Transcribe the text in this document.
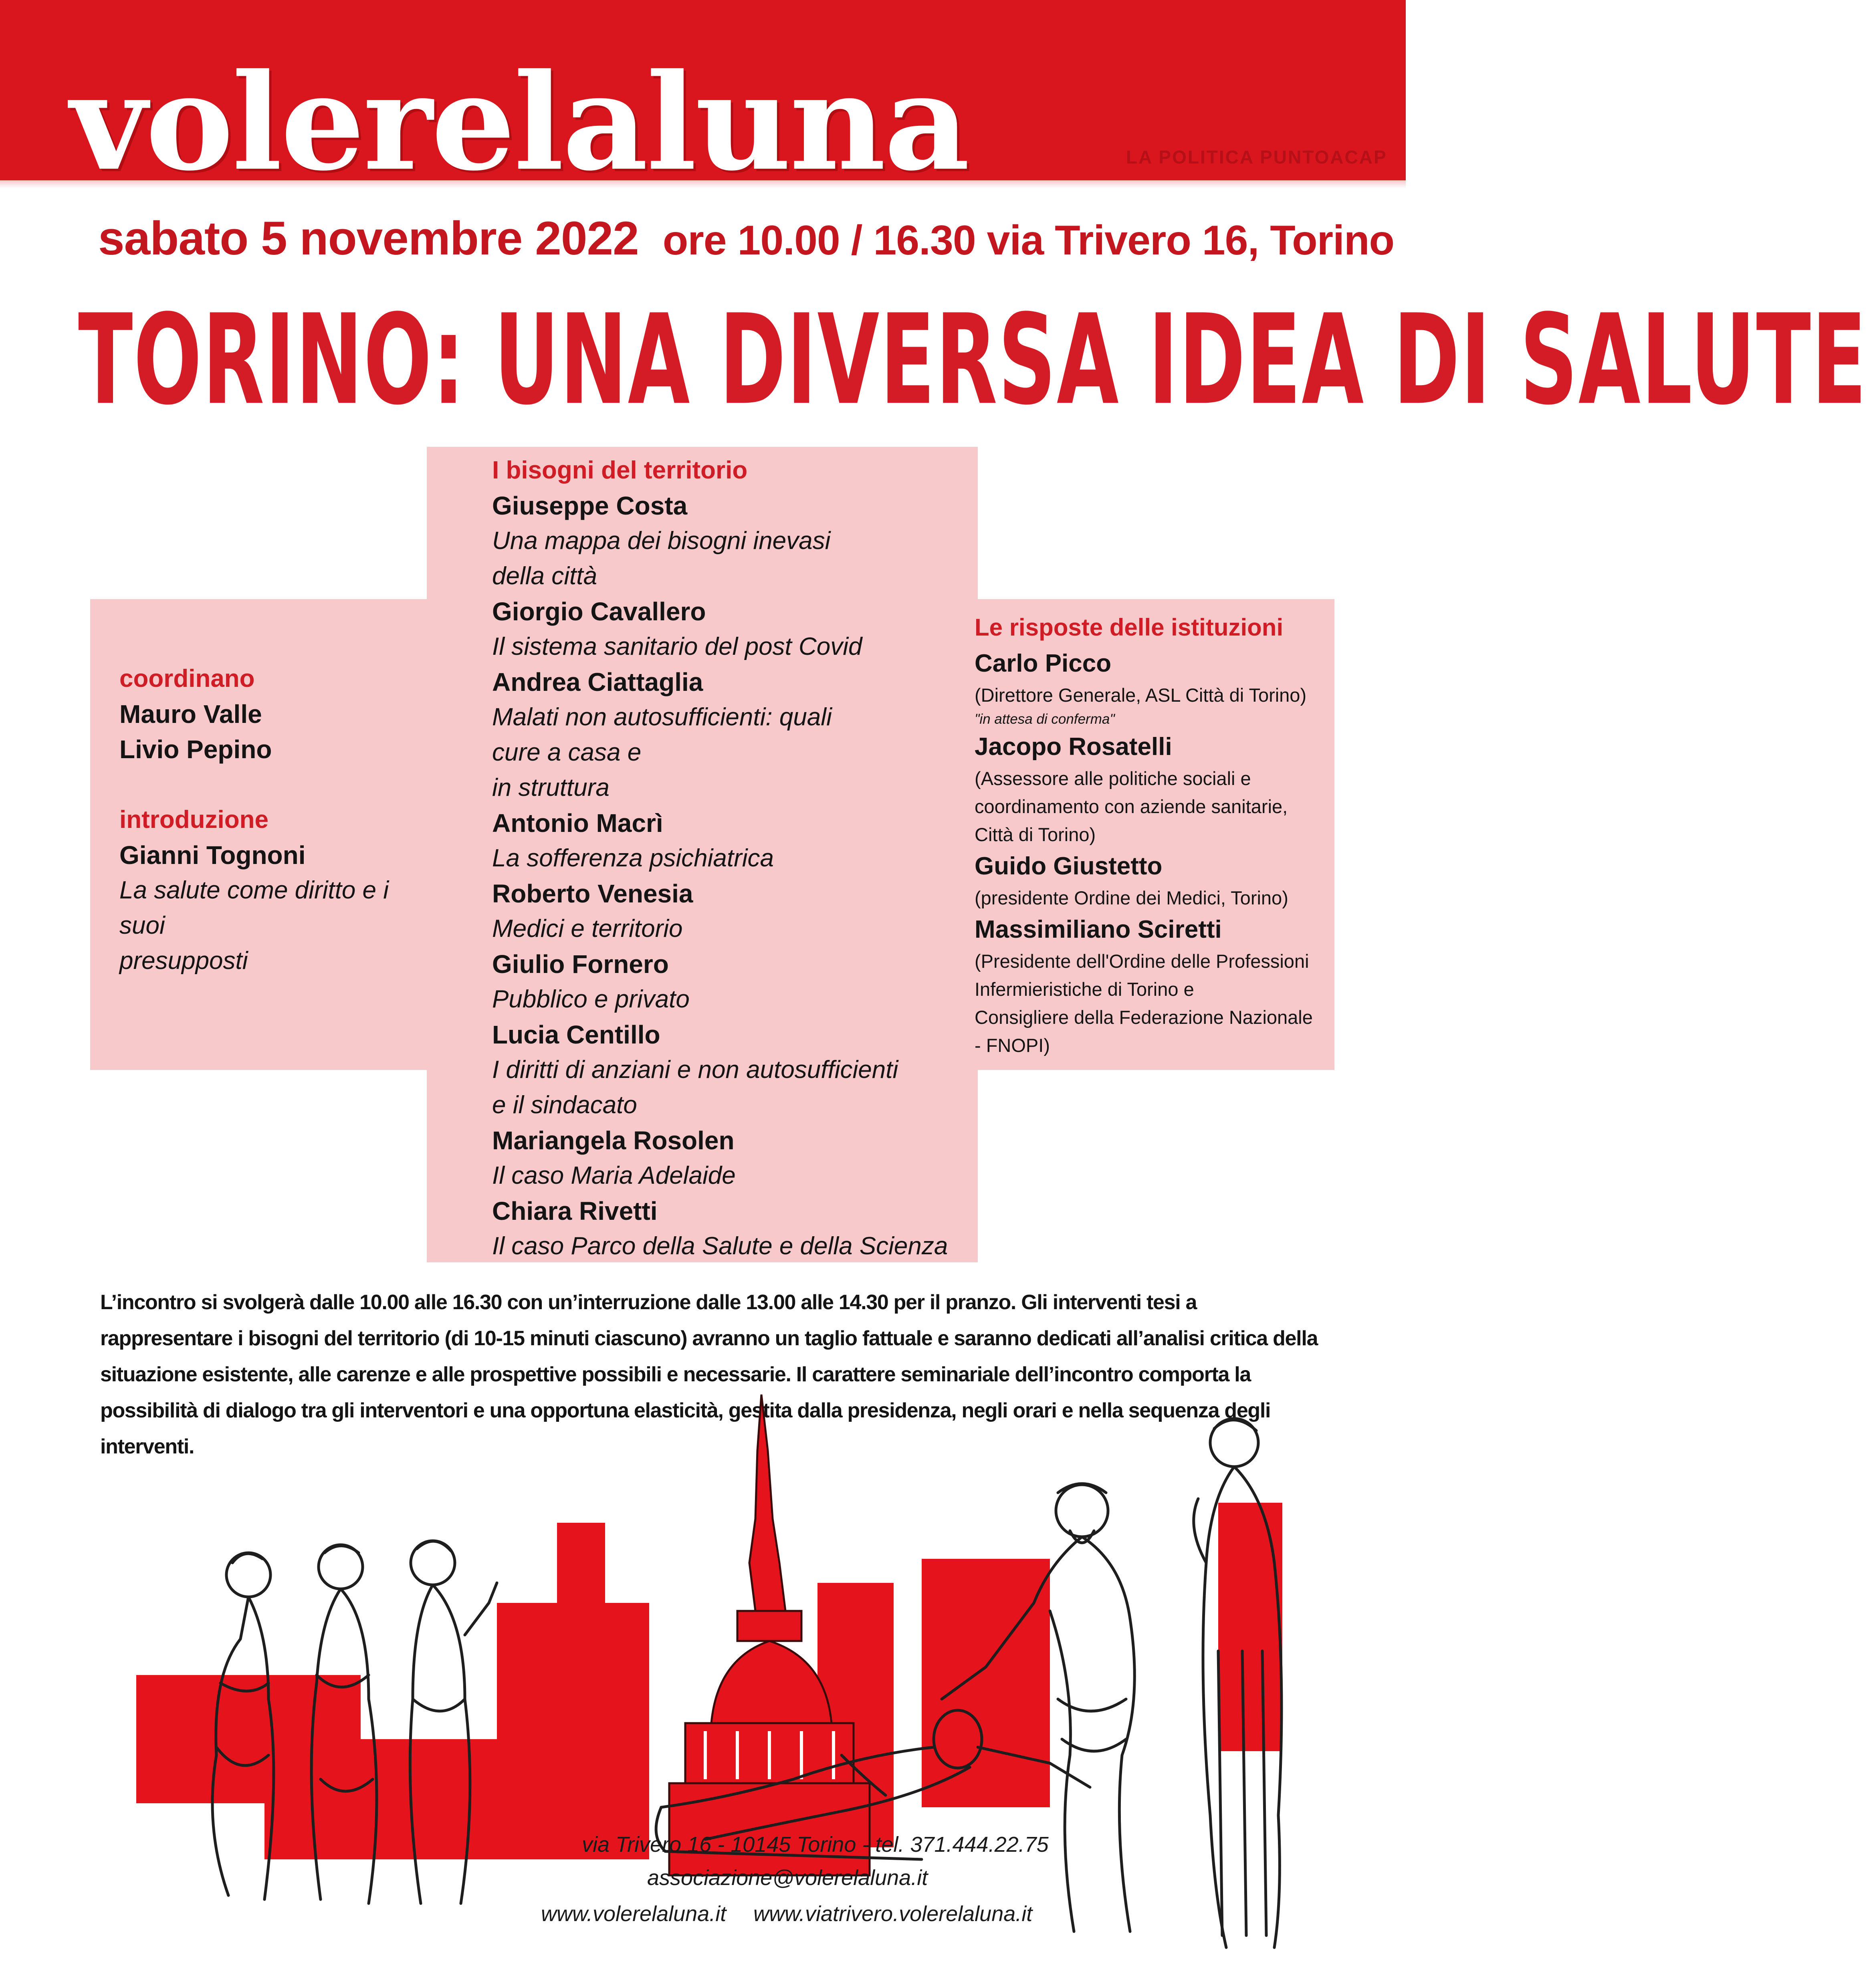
volerelaluna	LA POLITICA PUNTOACAP
sabato 5 novembre 2022 ore 10.00 / 16.30 via Trivero 16, Torino
TORINO: UNA DIVERSA IDEA DI SALUTE
coordinano
Mauro Valle
Livio Pepino
introduzione
Gianni Tognoni
La salute come diritto e i suoi
presupposti
I bisogni del territorio
Giuseppe Costa
Una mappa dei bisogni inevasi
della città
Giorgio Cavallero
Il sistema sanitario del post Covid
Andrea Ciattaglia
Malati non autosufficienti: quali
cure a casa e
in struttura
Antonio Macrì
La sofferenza psichiatrica
Roberto Venesia
Medici e territorio
Giulio Fornero
Pubblico e privato
Lucia Centillo
I diritti di anziani e non autosufficienti
e il sindacato
Mariangela Rosolen
Il caso Maria Adelaide
Chiara Rivetti
Il caso Parco della Salute e della Scienza
Le risposte delle istituzioni
Carlo Picco
(Direttore Generale, ASL Città di Torino)
"in attesa di conferma"
Jacopo Rosatelli
(Assessore alle politiche sociali e
coordinamento con aziende sanitarie,
Città di Torino)
Guido Giustetto
(presidente Ordine dei Medici, Torino)
Massimiliano Sciretti
(Presidente dell'Ordine delle Professioni
Infermieristiche di Torino e
Consigliere della Federazione Nazionale
- FNOPI)
L’incontro si svolgerà dalle 10.00 alle 16.30 con un’interruzione dalle 13.00 alle 14.30 per il pranzo. Gli interventi tesi a rappresentare i bisogni del territorio (di 10-15 minuti ciascuno) avranno un taglio fattuale e saranno dedicati all’analisi critica della situazione esistente, alle carenze e alle prospettive possibili e necessarie. Il carattere seminariale dell’incontro comporta la possibilità di dialogo tra gli interventori e una opportuna elasticità, gestita dalla presidenza, negli orari e nella sequenza degli interventi.
via Trivero 16 - 10145 Torino - tel. 371.444.22.75
associazione@volerelaluna.it
www.volerelaluna.it www.viatrivero.volerelaluna.it
